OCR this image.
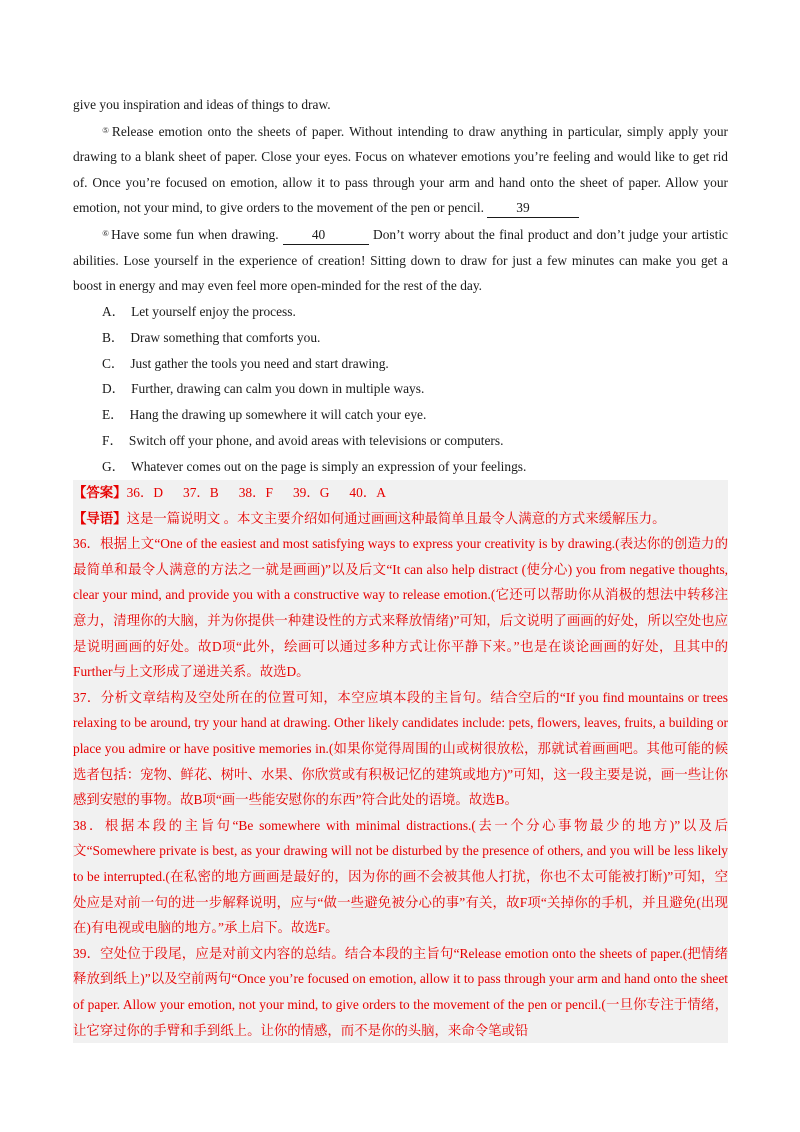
give you inspiration and ideas of things to draw.
⑤Release emotion onto the sheets of paper. Without intending to draw anything in particular, simply apply your drawing to a blank sheet of paper. Close your eyes. Focus on whatever emotions you’re feeling and would like to get rid of. Once you’re focused on emotion, allow it to pass through your arm and hand onto the sheet of paper. Allow your emotion, not your mind, to give orders to the movement of the pen or pencil. 39
⑥Have some fun when drawing. 40	Don’t worry about the final product and don’t judge your artistic abilities. Lose yourself in the experience of creation! Sitting down to draw for just a few minutes can make you get a boost in energy and may even feel more open-minded for the rest of the day.
A． Let yourself enjoy the process.
B． Draw something that comforts you.
C． Just gather the tools you need and start drawing.
D． Further, drawing can calm you down in multiple ways.
E． Hang the drawing up somewhere it will catch your eye.
F． Switch off your phone, and avoid areas with televisions or computers.
G． Whatever comes out on the page is simply an expression of your feelings.
【答案】36．D 37．B 38．F 39．G 40．A
【导语】这是一篇说明文 。本文主要介绍如何通过画画这种最简单且最令人满意的方式来缓解压力。
36．根据上文“One of the easiest and most satisfying ways to express your creativity is by drawing.(表达你的创造力的最简单和最令人满意的方法之一就是画画)”以及后文“It can also help distract (使分心) you from negative thoughts, clear your mind, and provide you with a constructive way to release emotion.(它还可以帮助你从消极的想法中转移注意力，清理你的大脑，并为你提供一种建设性的方式来释放情绪)”可知，后文说明了画画的好处，所以空处也应是说明画画的好处。故D项“此外，绘画可以通过多种方式让你平静下来。”也是在谈论画画的好处，且其中的 Further与上文形成了递进关系。故选D。
37．分析文章结构及空处所在的位置可知，本空应填本段的主旨句。结合空后的“If you find mountains or trees relaxing to be around, try your hand at drawing. Other likely candidates include: pets, flowers, leaves, fruits, a building or place you admire or have positive memories in.(如果你觉得周围的山或树很放松，那就试着画画吧。其他可能的候选者包括：宠物、鲜花、树叶、水果、你欣赏或有积极记忆的建筑或地方)”可知，这一段主要是说，画一些让你感到安慰的事物。故B项“画一些能安慰你的东西”符合此处的语境。故选B。
38．根据本段的主旨句“Be somewhere with minimal distractions.(去一个分心事物最少的地方)”以及后文“Somewhere private is best, as your drawing will not be disturbed by the presence of others, and you will be less likely to be interrupted.(在私密的地方画画是最好的，因为你的画不会被其他人打扰，你也不太可能被打断)”可知，空处应是对前一句的进一步解释说明，应与“做一些避免被分心的事”有关，故F项“关掉你的手机，并且避免(出现在)有电视或电脑的地方。”承上启下。故选F。
39．空处位于段尾，应是对前文内容的总结。结合本段的主旨句“Release emotion onto the sheets of paper.(把情绪释放到纸上)”以及空前两句“Once you’re focused on emotion, allow it to pass through your arm and hand onto the sheet of paper. Allow your emotion, not your mind, to give orders to the movement of the pen or pencil.(一旦你专注于情绪，让它穿过你的手臂和手到纸上。让你的情感，而不是你的头脑，来命令笔或铅
